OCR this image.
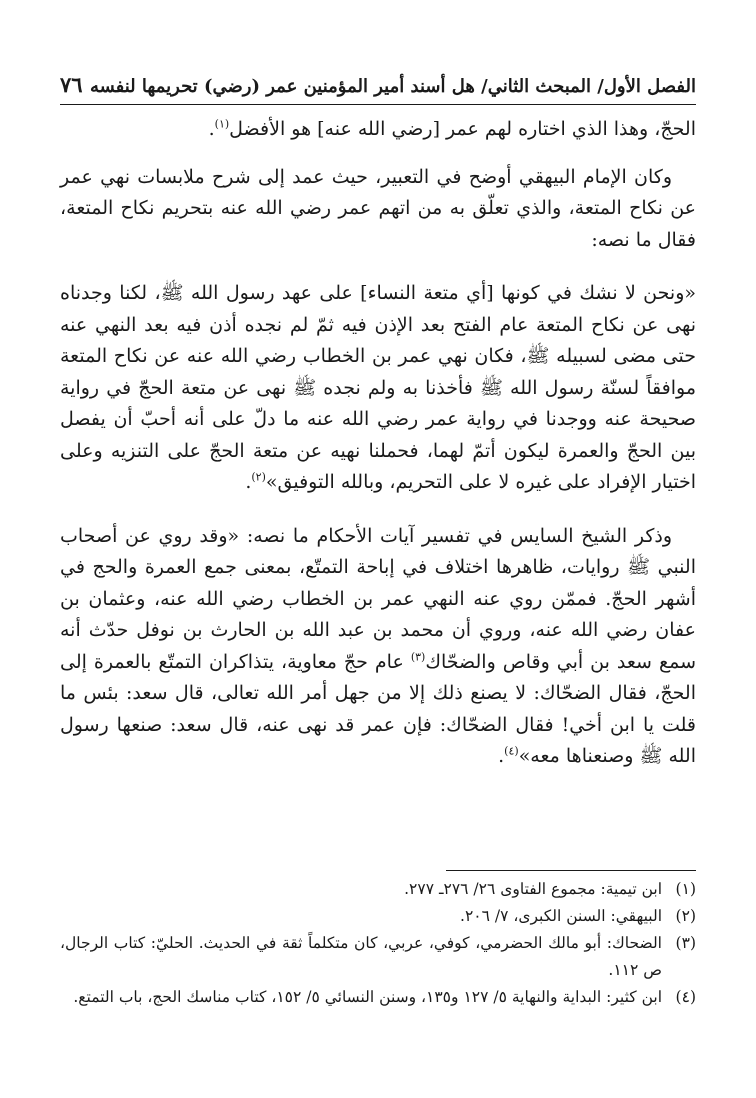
الفصل الأول/ المبحث الثاني/ هل أسند أمير المؤمنين عمر (رضي) تحريمها لنفسه
٧٦

الحجّ، وهذا الذي اختاره لهم عمر [رضي الله عنه] هو الأفضل$^{(١)}$.

وكان الإمام البيهقي أوضح في التعبير، حيث عمد إلى شرح ملابسات نهي عمر عن نكاح المتعة، والذي تعلّق به من اتهم عمر رضي الله عنه بتحريم نكاح المتعة، فقال ما نصه:

«ونحن لا نشك في كونها [أي متعة النساء] على عهد رسول الله ﷺ، لكنا وجدناه نهى عن نكاح المتعة عام الفتح بعد الإذن فيه ثمّ لم نجده أذن فيه بعد النهي عنه حتى مضى لسبيله ﷺ، فكان نهي عمر بن الخطاب رضي الله عنه عن نكاح المتعة موافقاً لسنّة رسول الله ﷺ فأخذنا به ولم نجده ﷺ نهى عن متعة الحجّ في رواية صحيحة عنه ووجدنا في رواية عمر رضي الله عنه ما دلّ على أنه أحبّ أن يفصل بين الحجّ والعمرة ليكون أتمّ لهما، فحملنا نهيه عن متعة الحجّ على التنزيه وعلى اختيار الإفراد على غيره لا على التحريم، وبالله التوفيق»$^{(٢)}$.

وذكر الشيخ السايس في تفسير آيات الأحكام ما نصه: «وقد روي عن أصحاب النبي ﷺ روايات، ظاهرها اختلاف في إباحة التمتّع، بمعنى جمع العمرة والحج في أشهر الحجّ. فممّن روي عنه النهي عمر بن الخطاب رضي الله عنه، وعثمان بن عفان رضي الله عنه، وروي أن محمد بن عبد الله بن الحارث بن نوفل حدّث أنه سمع سعد بن أبي وقاص والضحّاك$^{(٣)}$ عام حجّ معاوية، يتذاكران التمتّع بالعمرة إلى الحجّ، فقال الضحّاك: لا يصنع ذلك إلا من جهل أمر الله تعالى، قال سعد: بئس ما قلت يا ابن أخي! فقال الضحّاك: فإن عمر قد نهى عنه، قال سعد: صنعها رسول الله ﷺ وصنعناها معه»$^{(٤)}$.

(١)
ابن تيمية: مجموع الفتاوى ٢٦/ ٢٧٦ـ ٢٧٧.
(٢)
البيهقي: السنن الكبرى، ٧/ ٢٠٦.
(٣)
الضحاك: أبو مالك الحضرمي، كوفي، عربي، كان متكلماً ثقة في الحديث. الحليّ: كتاب الرجال، ص ١١٢.
(٤)
ابن كثير: البداية والنهاية ٥/ ١٢٧ و١٣٥، وسنن النسائي ٥/ ١٥٢، كتاب مناسك الحج، باب التمتع.
